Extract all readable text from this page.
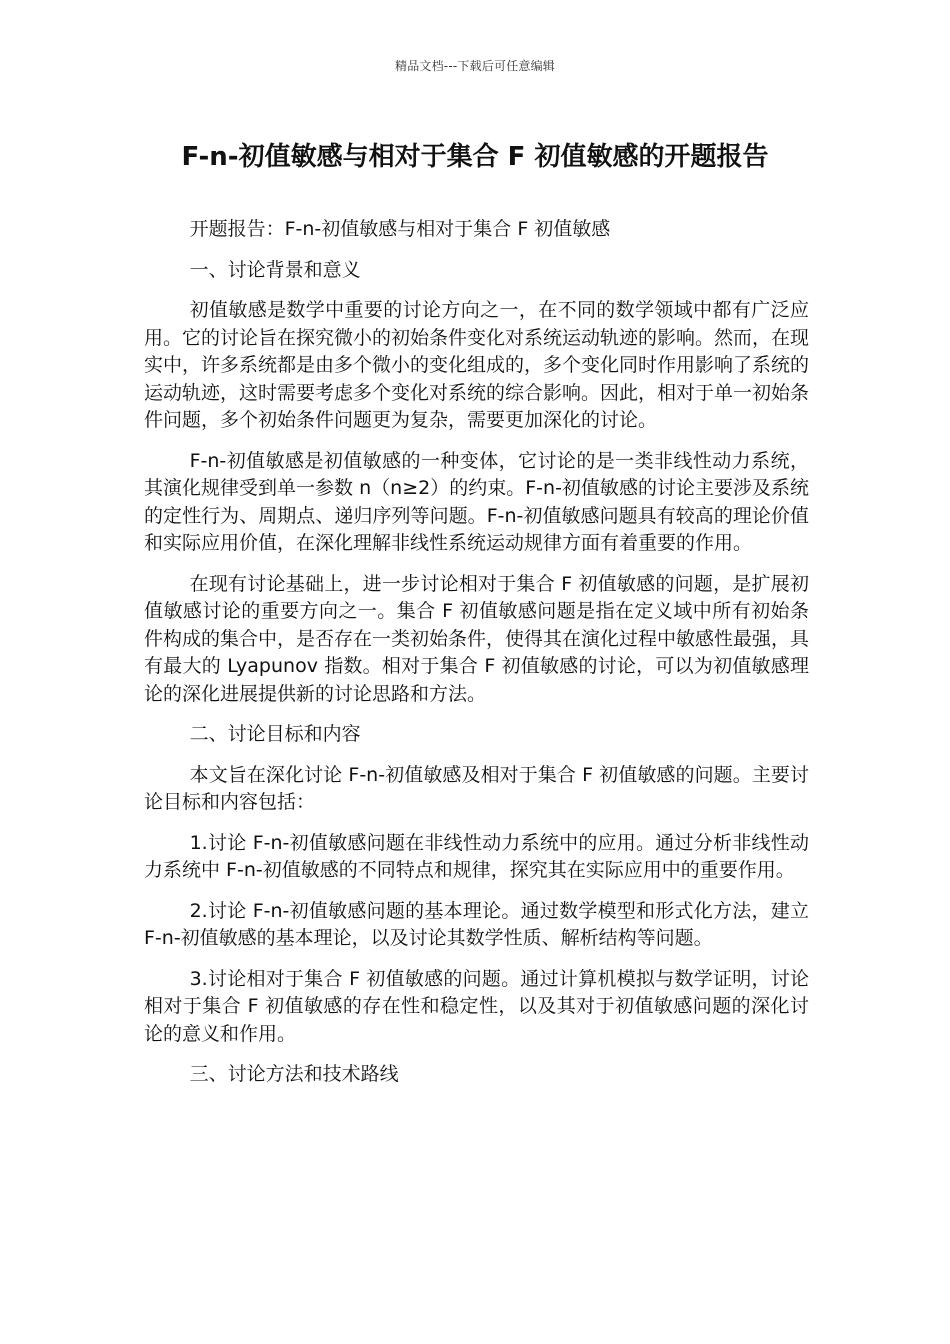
精品文档---下载后可任意编辑
F-n-初值敏感与相对于集合 F 初值敏感的开题报告

开题报告：F-n-初值敏感与相对于集合 F 初值敏感

一、讨论背景和意义

初值敏感是数学中重要的讨论方向之一，在不同的数学领域中都有广泛应用。它的讨论旨在探究微小的初始条件变化对系统运动轨迹的影响。然而，在现实中，许多系统都是由多个微小的变化组成的，多个变化同时作用影响了系统的运动轨迹，这时需要考虑多个变化对系统的综合影响。因此，相对于单一初始条件问题，多个初始条件问题更为复杂，需要更加深化的讨论。

F-n-初值敏感是初值敏感的一种变体，它讨论的是一类非线性动力系统，其演化规律受到单一参数 n（n≥2）的约束。F-n-初值敏感的讨论主要涉及系统的定性行为、周期点、递归序列等问题。F-n-初值敏感问题具有较高的理论价值和实际应用价值，在深化理解非线性系统运动规律方面有着重要的作用。

在现有讨论基础上，进一步讨论相对于集合 F 初值敏感的问题，是扩展初值敏感讨论的重要方向之一。集合 F 初值敏感问题是指在定义域中所有初始条件构成的集合中，是否存在一类初始条件，使得其在演化过程中敏感性最强，具有最大的 Lyapunov 指数。相对于集合 F 初值敏感的讨论，可以为初值敏感理论的深化进展提供新的讨论思路和方法。

二、讨论目标和内容

本文旨在深化讨论 F-n-初值敏感及相对于集合 F 初值敏感的问题。主要讨论目标和内容包括：

1.讨论 F-n-初值敏感问题在非线性动力系统中的应用。通过分析非线性动力系统中 F-n-初值敏感的不同特点和规律，探究其在实际应用中的重要作用。

2.讨论 F-n-初值敏感问题的基本理论。通过数学模型和形式化方法，建立 F-n-初值敏感的基本理论，以及讨论其数学性质、解析结构等问题。

3.讨论相对于集合 F 初值敏感的问题。通过计算机模拟与数学证明，讨论相对于集合 F 初值敏感的存在性和稳定性，以及其对于初值敏感问题的深化讨论的意义和作用。

三、讨论方法和技术路线
